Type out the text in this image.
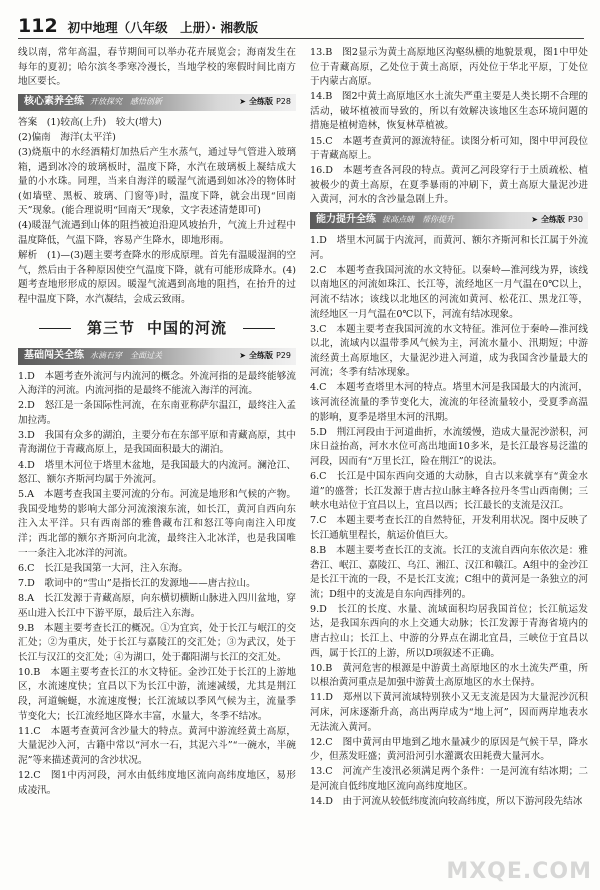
112 初中地理（八年级　上册）· 湘教版
线以南，常年高温，春节期间可以举办花卉展览会；海南发生在每年的夏初；哈尔滨冬季寒冷漫长，当地学校的寒假时间比南方地区要长。
核心素养全练 开放探究　感悟创新	➤ 全练版 P28
答案　(1)较高(上升)　较大(增大)
(2)偏南　海洋(太平洋)
(3)烧瓶中的水经酒精灯加热后产生水蒸气，通过导气管进入玻璃箱，遇到冰冷的玻璃板时，温度下降，水汽在玻璃板上凝结成大量的小水珠。同理，当来自海洋的暖湿气流遇到如冰冷的物体时(如墙壁、黑板、玻璃、门窗等)时，温度下降，就会出现“回南天”现象。(能合理说明“回南天”现象，文字表述清楚即可)
(4)暖湿气流遇到山体的阻挡被迫沿迎风坡抬升，气流上升过程中温度降低，气温下降，容易产生降水，即地形雨。
解析　(1)—(3)题主要考查降水的形成原理。首先有温暖湿润的空气，然后由于各种原因使空气温度下降，就有可能形成降水。(4)题考查地形形成的原因。暖湿气流遇到高地的阻挡，在抬升的过程中温度下降，水汽凝结，会成云致雨。
第三节 中国的河流
基础闯关全练 水滴石穿　全面过关	➤ 全练版 P29
1.D　本题考查外流河与内流河的概念。外流河指的是最终能够流入海洋的河流。内流河指的是最终不能流入海洋的河流。
2.D　怒江是一条国际性河流，在东南亚称萨尔温江，最终注入孟加拉湾。
3.D　我国有众多的湖泊，主要分布在东部平原和青藏高原，其中青海湖位于青藏高原上，是我国面积最大的湖泊。
4.D　塔里木河位于塔里木盆地，是我国最大的内流河。澜沧江、怒江、额尔齐斯河均属于外流河。
5.A　本题考查我国主要河流的分布。河流是地形和气候的产物。我国受地势的影响大部分河流滚滚东流，如长江，黄河自西向东注入太平洋。只有西南部的雅鲁藏布江和怒江等向南注入印度洋；西北部的额尔齐斯河向北流，最终注入北冰洋，也是我国唯一一条注入北冰洋的河流。
6.C　长江是我国第一大河，注入东海。
7.D　歌词中的“雪山”是指长江的发源地——唐古拉山。
8.A　长江发源于青藏高原，向东横切横断山脉进入四川盆地，穿巫山进入长江中下游平原，最后注入东海。
9.B　本题主要考查长江的概况。①为宜宾，处于长江与岷江的交汇处；②为重庆，处于长江与嘉陵江的交汇处；③为武汉，处于长江与汉江的交汇处；④为湖口，处于鄱阳湖与长江的交汇处。
10.B　本题主要考查长江的水文特征。金沙江处于长江的上游地区，水流速度快；宜昌以下为长江中游，流速减缓，尤其是荆江段，河道蜿蜒，水流速度慢；长江流域以季风气候为主，流量季节变化大；长江流经地区降水丰富，水量大，冬季不结冰。
11.C　本题考查黄河含沙量大的特点。黄河中游流经黄土高原，大量泥沙入河，古籍中常以“河水一石，其泥六斗”“一碗水，半碗泥”等来描述黄河的含沙状况。
12.C　图1中丙河段，河水由低纬度地区流向高纬度地区，易形成凌汛。
13.B　图2显示为黄土高原地区沟壑纵横的地貌景观，图1中甲处位于青藏高原，乙处位于黄土高原，丙处位于华北平原，丁处位于内蒙古高原。
14.B　图2中黄土高原地区水土流失严重主要是人类长期不合理的活动，破坏植被而导致的，所以有效解决该地区生态环境问题的措施是植树造林，恢复林草植被。
15.C　本题考查黄河的源流特征。读图分析可知，图中甲河段位于青藏高原上。
16.D　本题考查各河段的特点。黄河乙河段穿行于土质疏松、植被极少的黄土高原，在夏季暴雨的冲刷下，黄土高原大量泥沙进入黄河，河水的含沙量急剧上升。
能力提升全练 拔高点睛　帮你提升	➤ 全练版 P30
1.D　塔里木河属于内流河，而黄河、额尔齐斯河和长江属于外流河。
2.C　本题考查我国河流的水文特征。以秦岭—淮河线为界，该线以南地区的河流如珠江、长江等，流经地区一月气温在0℃以上，河流不结冰；该线以北地区的河流如黄河、松花江、黑龙江等，流经地区一月气温在0℃以下，河流有结冰现象。
3.C　本题主要考查我国河流的水文特征。淮河位于秦岭—淮河线以北，流域内以温带季风气候为主，河流水量小、汛期短；中游流经黄土高原地区，大量泥沙进入河道，成为我国含沙量最大的河流；冬季有结冰现象。
4.C　本题考查塔里木河的特点。塔里木河是我国最大的内流河，该河流径流量的季节变化大，流流的年径流量较小，受夏季高温的影响，夏季是塔里木河的汛期。
5.D　荆江河段由于河道曲折，水流缓慢，造成大量泥沙淤积，河床日益抬高，河水水位可高出地面10多米，是长江最容易泛滥的河段，因而有“万里长江，险在荆江”的说法。
6.C　长江是中国东西向交通的大动脉，自古以来就享有“黄金水道”的盛誉；长江发源于唐古拉山脉主峰各拉丹冬雪山西南侧；三峡水电站位于宜昌以上，宜昌以西；长江最长的支流是汉江。
7.C　本题主要考查长江的自然特征，开发利用状况。图中反映了长江通航里程长，航运价值巨大。
8.B　本题主要考查长江的支流。长江的支流自西向东依次是：雅砻江、岷江、嘉陵江、乌江、湘江、汉江和赣江。A组中的金沙江是长江干流的一段，不是长江支流；C组中的黄河是一条独立的河流；D组中的支流是自东向西排列的。
9.D　长江的长度、水量、流域面积均居我国首位；长江航运发达，是我国东西向的水上交通大动脉；长江发源于青海省境内的唐古拉山；长江上、中游的分界点在湖北宜昌，三峡位于宜昌以西，属于长江的上游，所以D项叙述不正确。
10.B　黄河危害的根源是中游黄土高原地区的水土流失严重，所以根治黄河重点是加强中游黄土高原地区的水土保持。
11.D　郑州以下黄河流域特别狭小又无支流是因为大量泥沙沉积河床，河床逐渐升高，高出两岸成为“地上河”，因而两岸地表水无法流入黄河。
12.C　图中黄河由甲地到乙地水量减少的原因是气候干旱，降水少，但蒸发旺盛；黄河沿河引水灌溉农田耗费大量河水。
13.C　河流产生凌汛必须满足两个条件：一是河流有结冰期；二是河流自低纬度地区流向高纬度地区。
14.D　由于河流从较低纬度流向较高纬度，所以下游河段先结冰
MXQE.COM
